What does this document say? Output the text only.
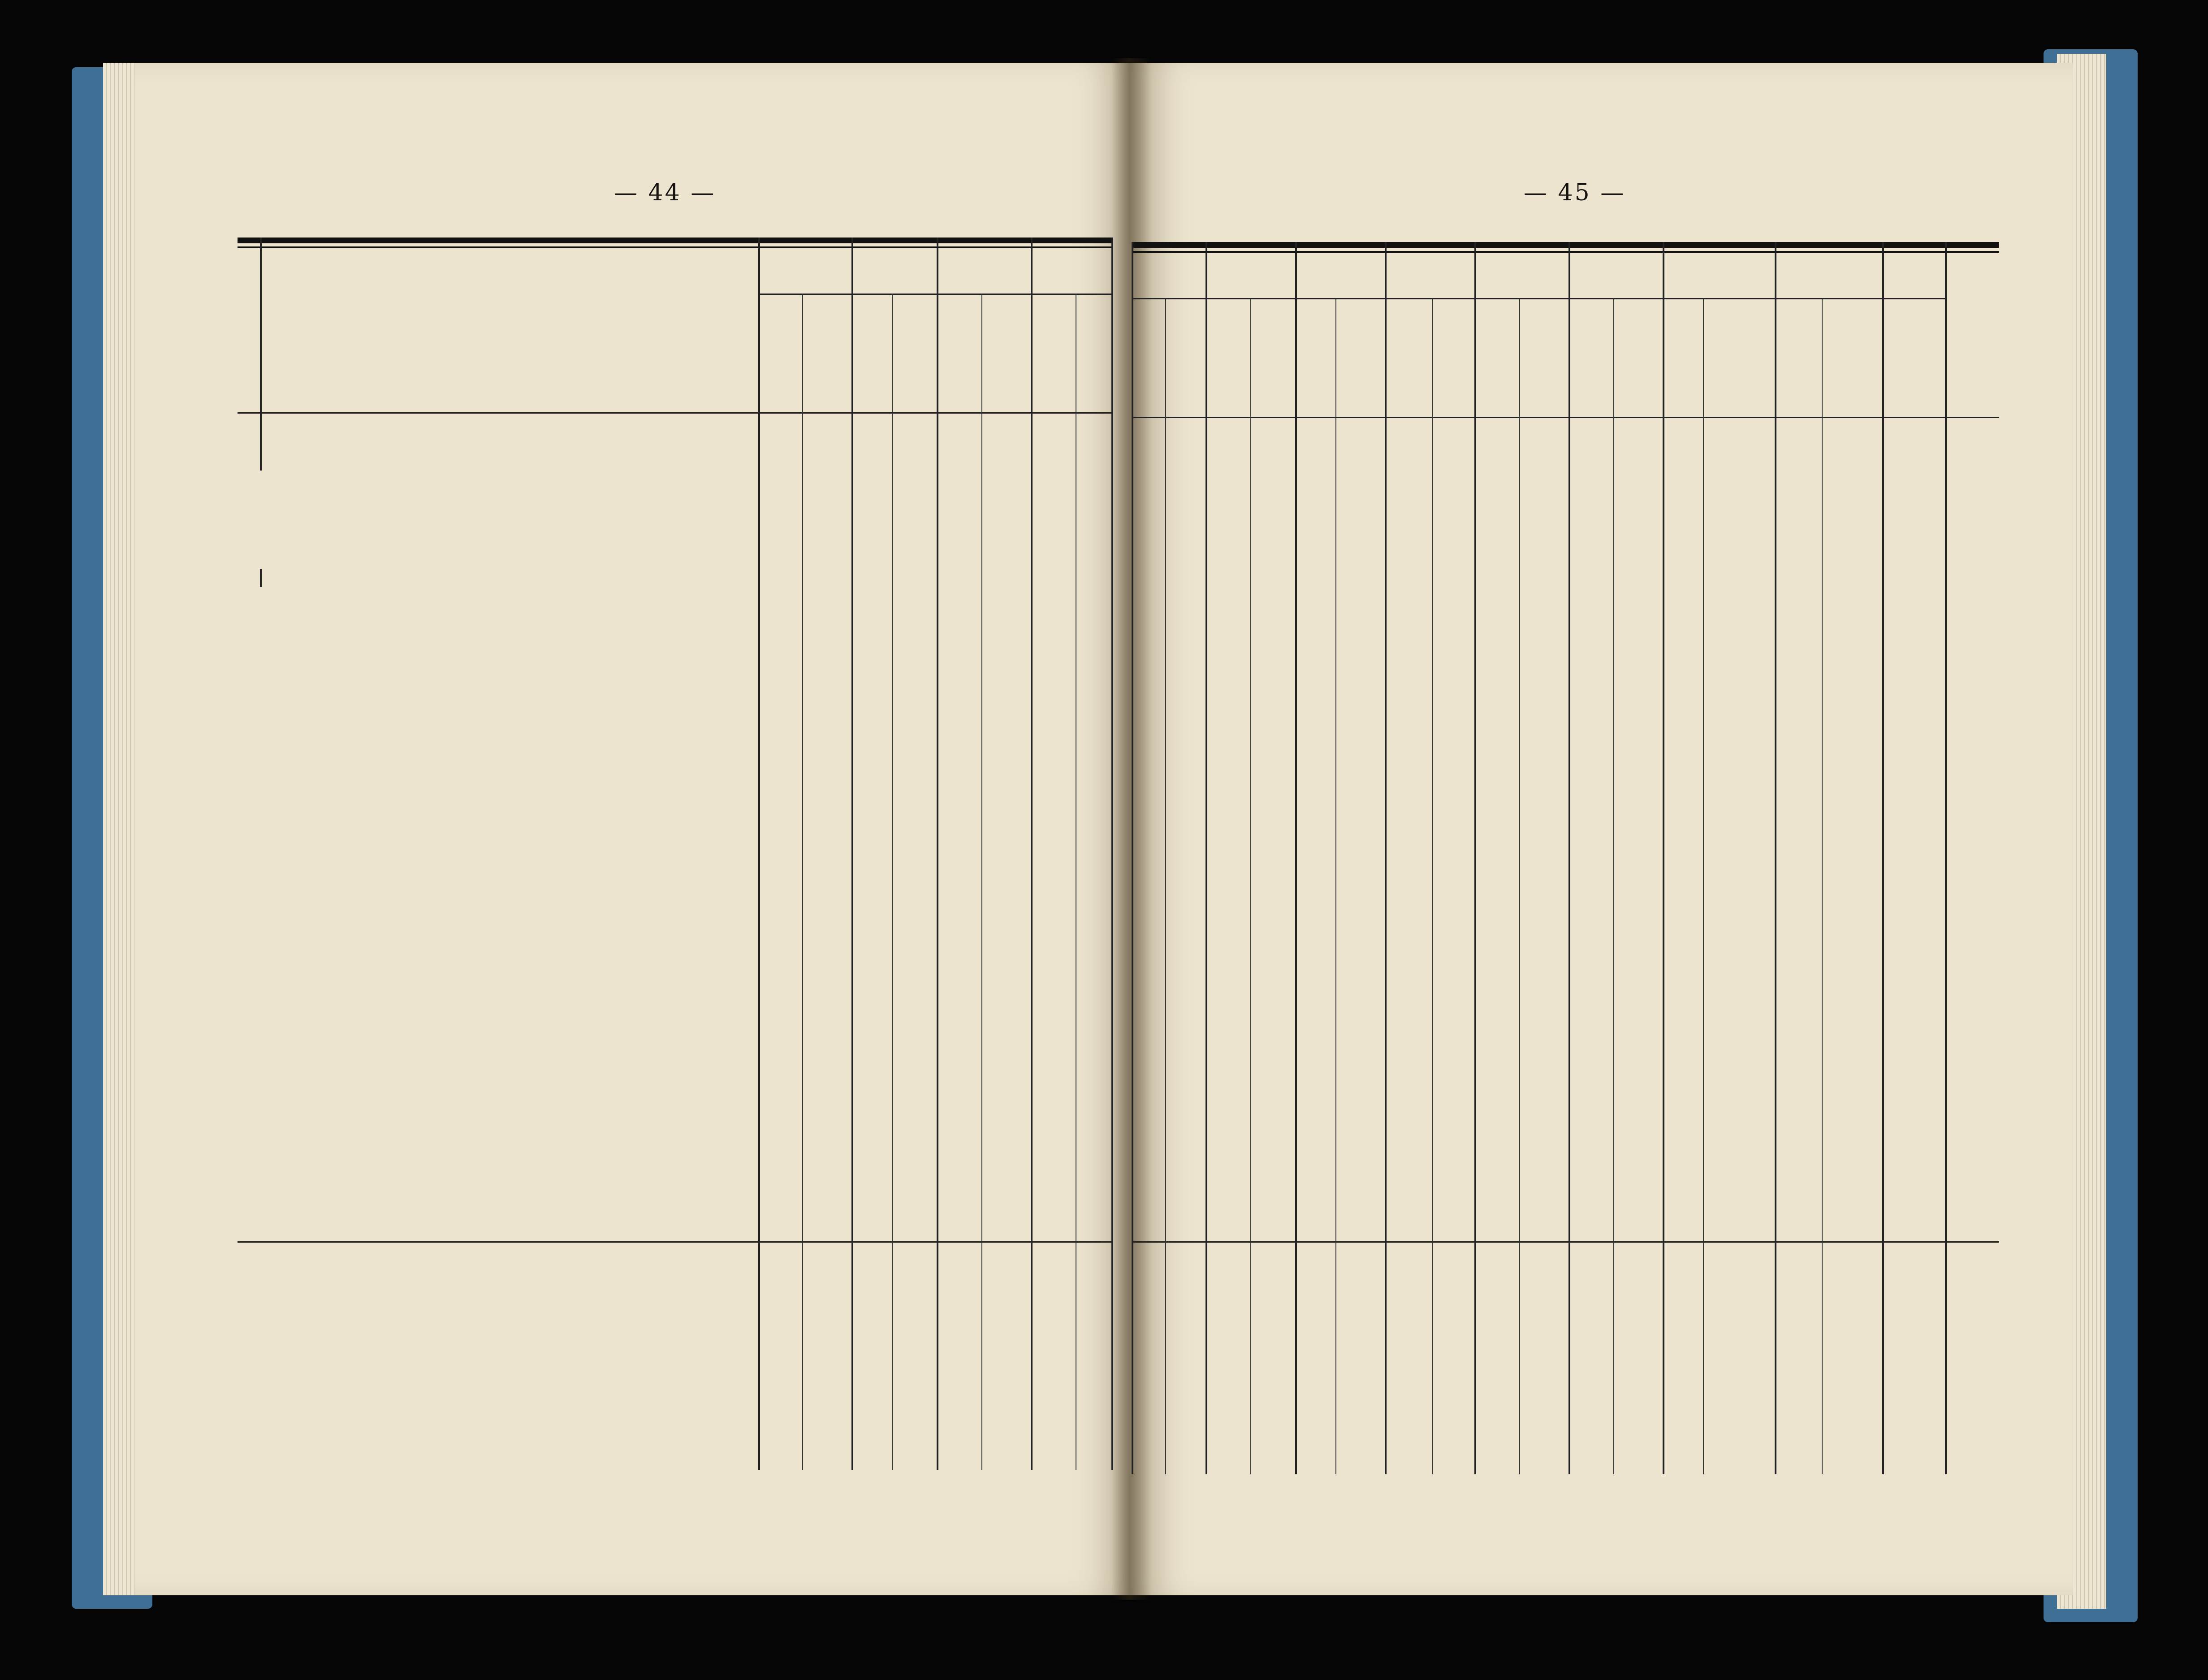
— 44 —	— 45 —
